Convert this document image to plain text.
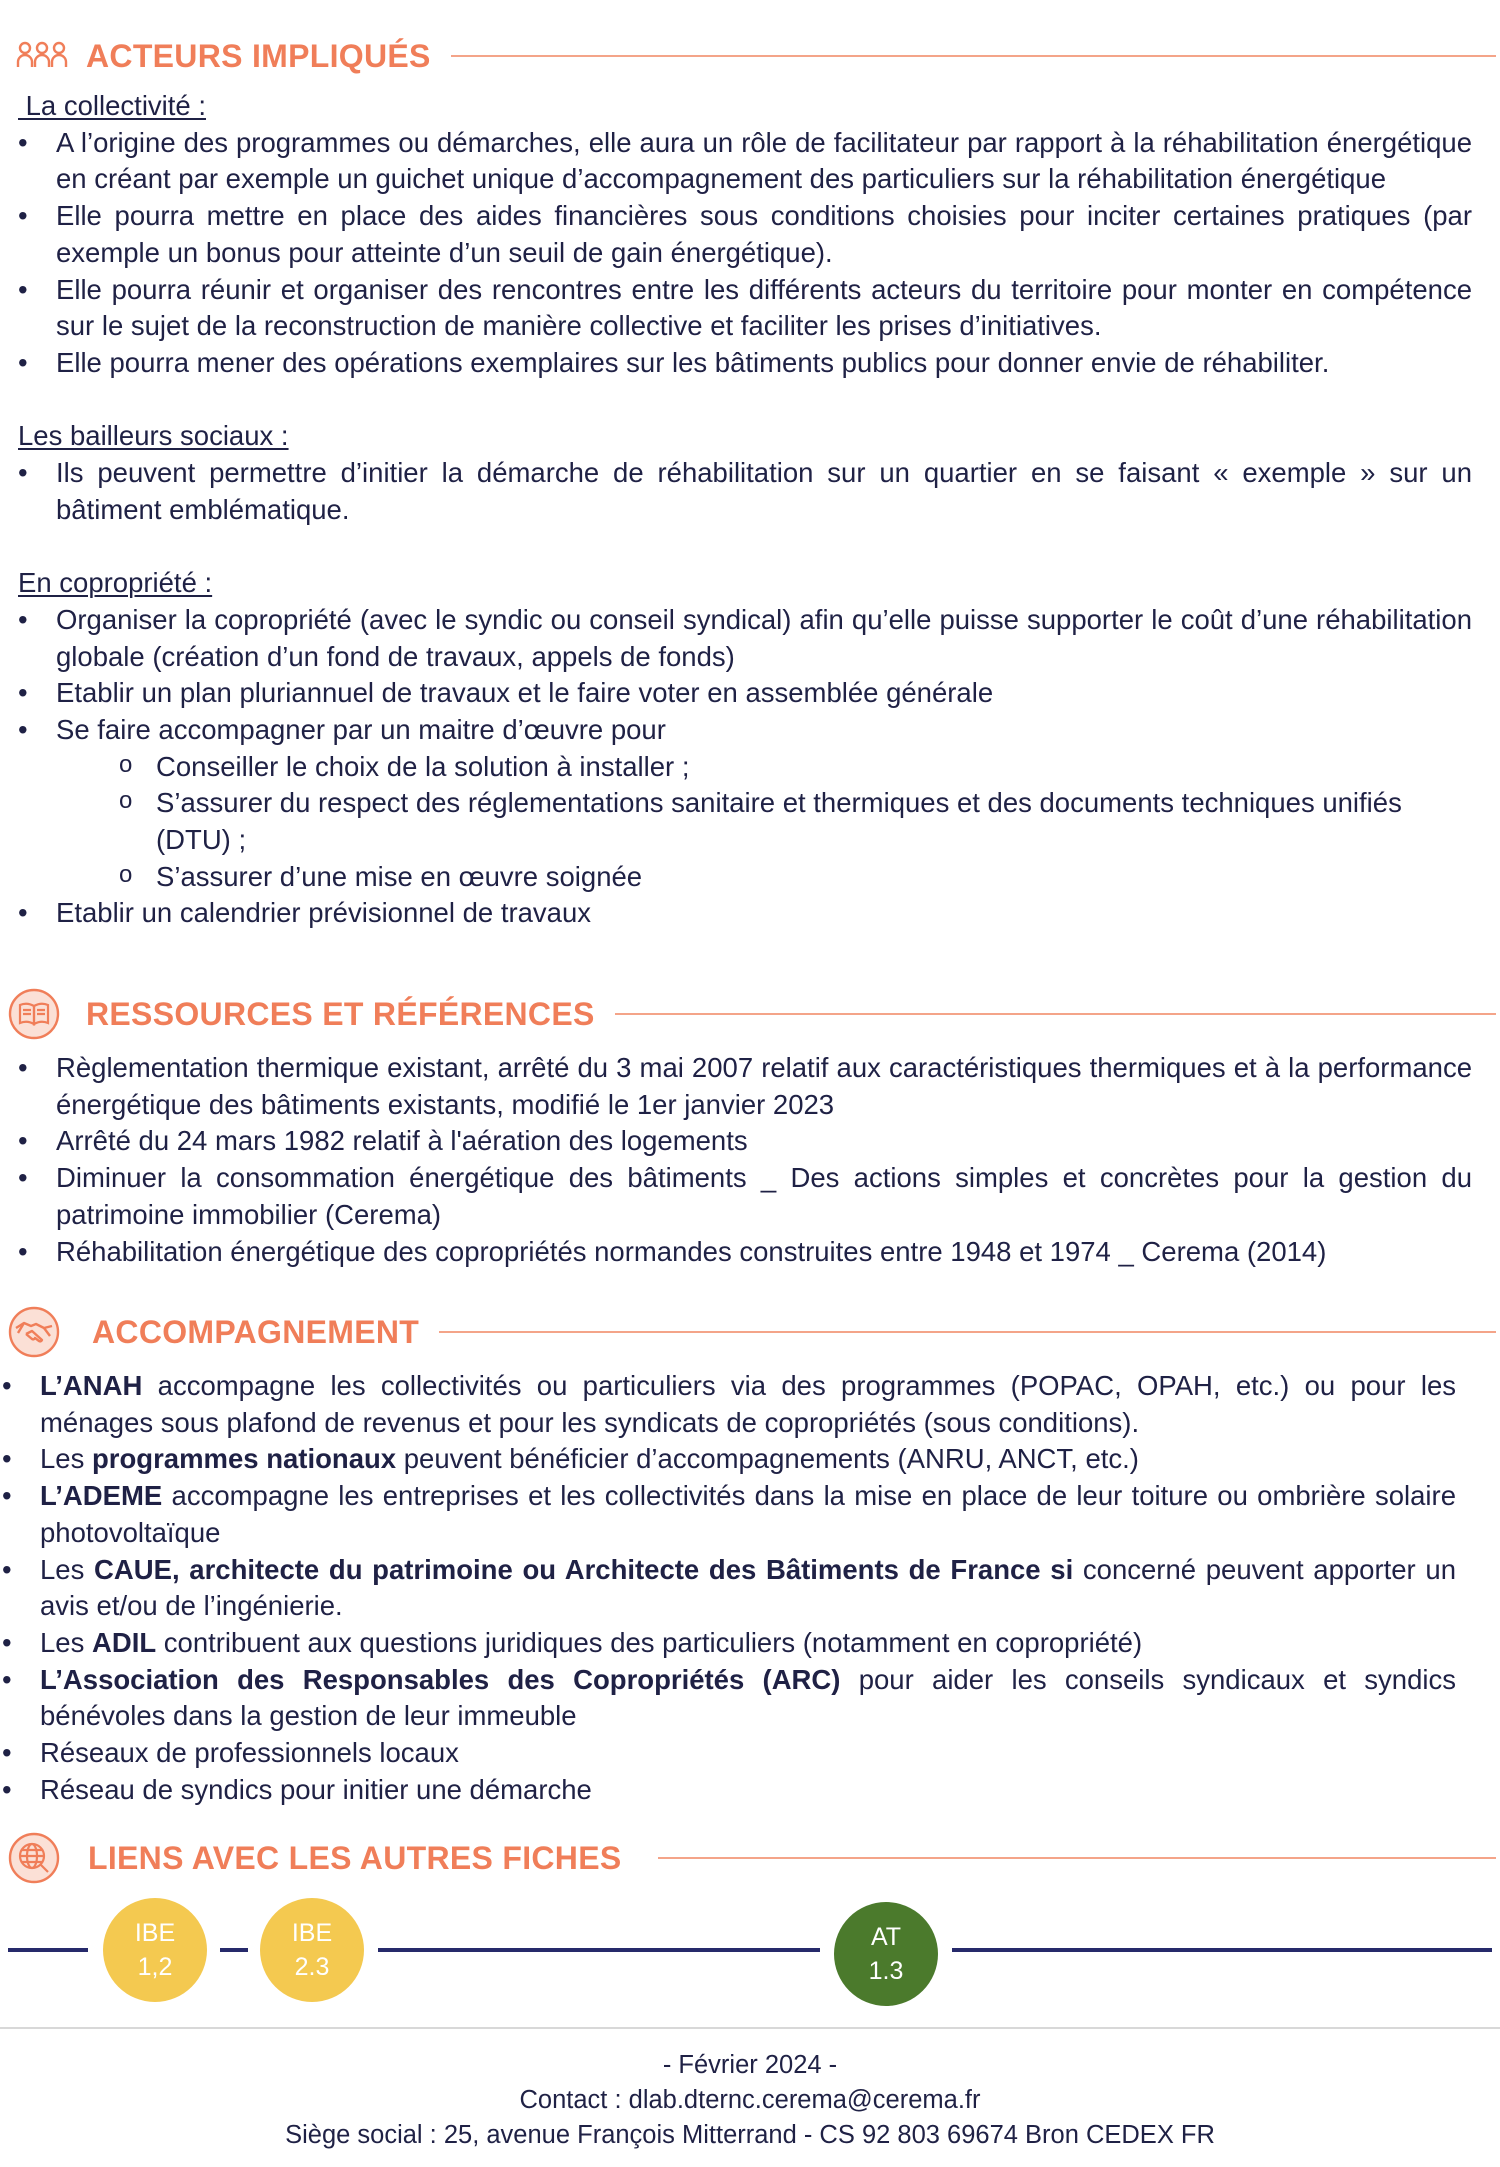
ACTEURS IMPLIQUÉS
La collectivité :
• A l’origine des programmes ou démarches, elle aura un rôle de facilitateur par rapport à la réhabilitation énergétique en créant par exemple un guichet unique d’accompagnement des particuliers sur la réhabilitation énergétique
• Elle pourra mettre en place des aides financières sous conditions choisies pour inciter certaines pratiques (par exemple un bonus pour atteinte d’un seuil de gain énergétique).
• Elle pourra réunir et organiser des rencontres entre les différents acteurs du territoire pour monter en compétence sur le sujet de la reconstruction de manière collective et faciliter les prises d’initiatives.
• Elle pourra mener des opérations exemplaires sur les bâtiments publics pour donner envie de réhabiliter.
Les bailleurs sociaux :
• Ils peuvent permettre d’initier la démarche de réhabilitation sur un quartier en se faisant « exemple » sur un bâtiment emblématique.
En copropriété :
• Organiser la copropriété (avec le syndic ou conseil syndical) afin qu’elle puisse supporter le coût d’une réhabilitation globale (création d’un fond de travaux, appels de fonds)
• Etablir un plan pluriannuel de travaux et le faire voter en assemblée générale
• Se faire accompagner par un maitre d’œuvre pour
o Conseiller le choix de la solution à installer ;
o S’assurer du respect des réglementations sanitaire et thermiques et des documents techniques unifiés (DTU) ;
o S’assurer d’une mise en œuvre soignée
• Etablir un calendrier prévisionnel de travaux
RESSOURCES ET RÉFÉRENCES
• Règlementation thermique existant, arrêté du 3 mai 2007 relatif aux caractéristiques thermiques et à la performance énergétique des bâtiments existants, modifié le 1er janvier 2023
• Arrêté du 24 mars 1982 relatif à l'aération des logements
• Diminuer la consommation énergétique des bâtiments _ Des actions simples et concrètes pour la gestion du patrimoine immobilier (Cerema)
• Réhabilitation énergétique des copropriétés normandes construites entre 1948 et 1974 _ Cerema (2014)
ACCOMPAGNEMENT
• L’ANAH accompagne les collectivités ou particuliers via des programmes (POPAC, OPAH, etc.) ou pour les ménages sous plafond de revenus et pour les syndicats de copropriétés (sous conditions).
• Les programmes nationaux peuvent bénéficier d’accompagnements (ANRU, ANCT, etc.)
• L’ADEME accompagne les entreprises et les collectivités dans la mise en place de leur toiture ou ombrière solaire photovoltaïque
• Les CAUE, architecte du patrimoine ou Architecte des Bâtiments de France si concerné peuvent apporter un avis et/ou de l’ingénierie.
• Les ADIL contribuent aux questions juridiques des particuliers (notamment en copropriété)
• L’Association des Responsables des Copropriétés (ARC) pour aider les conseils syndicaux et syndics bénévoles dans la gestion de leur immeuble
• Réseaux de professionnels locaux
• Réseau de syndics pour initier une démarche
LIENS AVEC LES AUTRES FICHES
IBE
1,2
IBE
2.3
AT
1.3
- Février 2024 -
Contact : dlab.dternc.cerema@cerema.fr
Siège social : 25, avenue François Mitterrand - CS 92 803 69674 Bron CEDEX FR
